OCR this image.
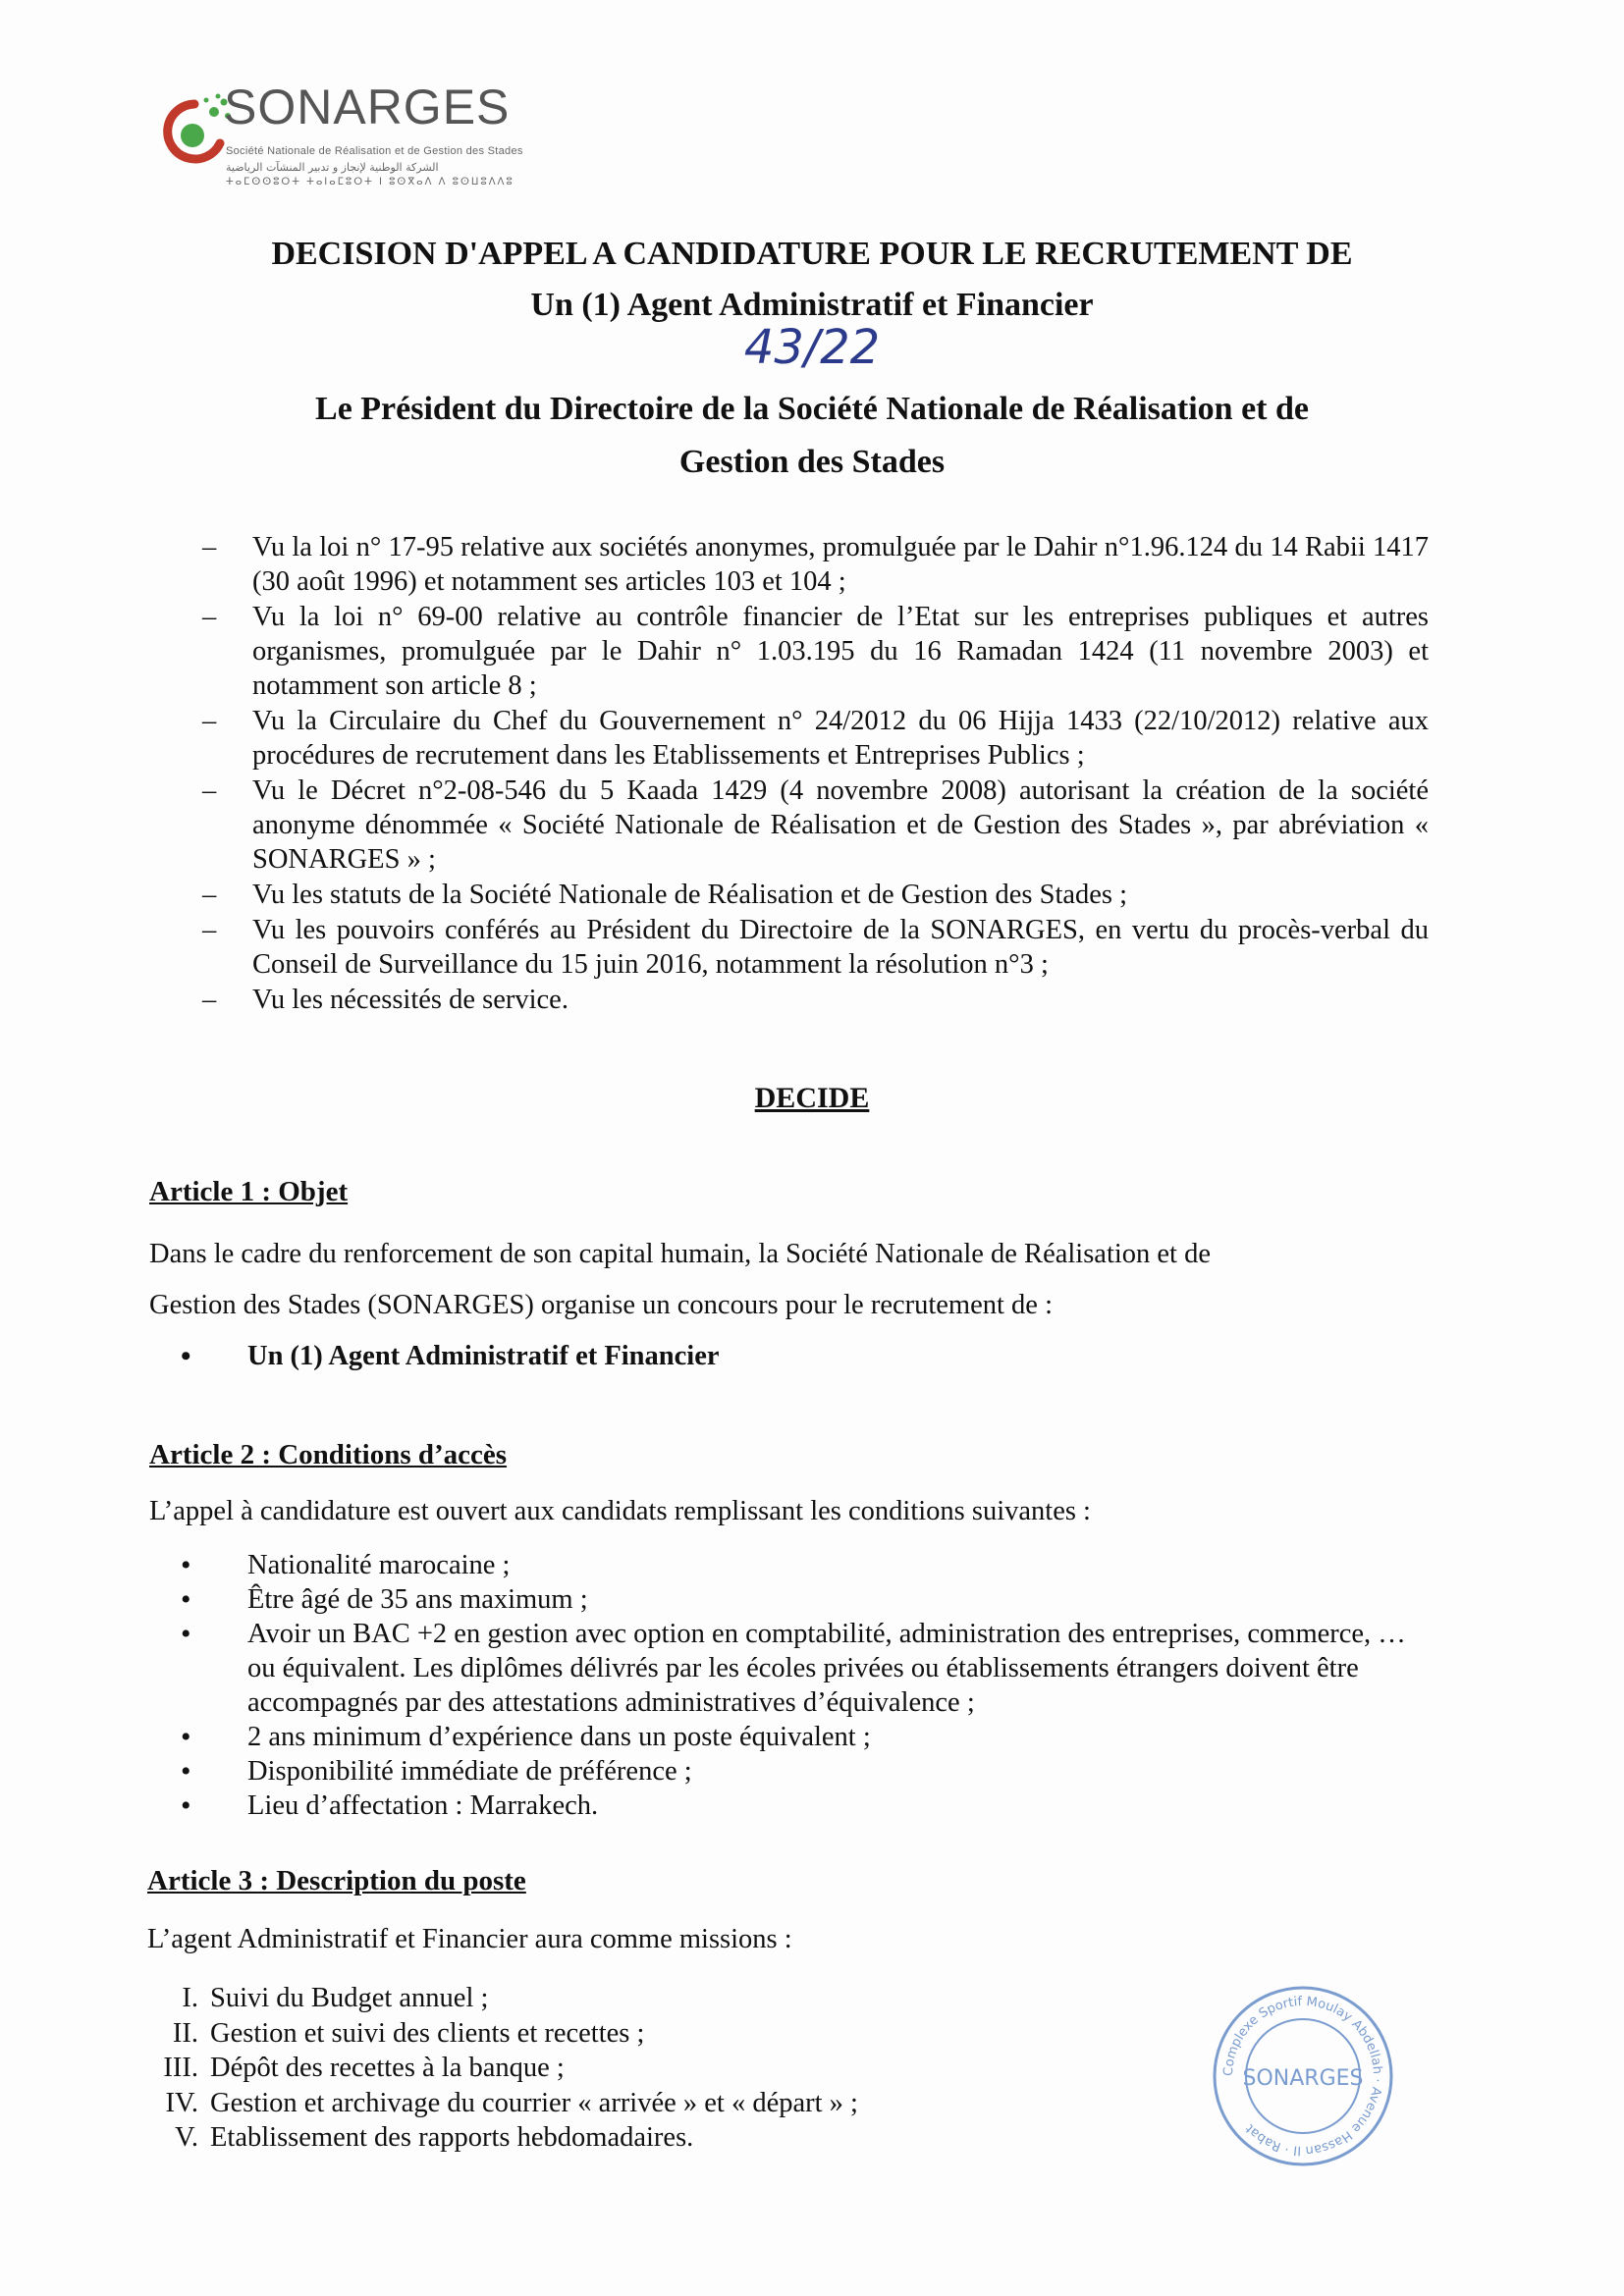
SONARGES
Société Nationale de Réalisation et de Gestion des Stades
الشركة الوطنية لإنجاز و تدبير المنشآت الرياضية
ⵜⴰⵎⵙⵙⵓⵔⵜ ⵜⴰⵏⴰⵎⵓⵔⵜ ⵏ ⵓⵙⴳⴰⴷ ⴷ ⵓⵙⵡⵓⴷⴷⵓ
DECISION D'APPEL A CANDIDATURE POUR LE RECRUTEMENT DE
Un (1) Agent Administratif et Financier
43/22
Le Président du Directoire de la Société Nationale de Réalisation et de
Gestion des Stades
– Vu la loi n° 17-95 relative aux sociétés anonymes, promulguée par le Dahir n°1.96.124 du 14 Rabii 1417 (30 août 1996) et notamment ses articles 103 et 104 ;
– Vu la loi n° 69-00 relative au contrôle financier de l’Etat sur les entreprises publiques et autres organismes, promulguée par le Dahir n° 1.03.195 du 16 Ramadan 1424 (11 novembre 2003) et notamment son article 8 ;
– Vu la Circulaire du Chef du Gouvernement n° 24/2012 du 06 Hijja 1433 (22/10/2012) relative aux procédures de recrutement dans les Etablissements et Entreprises Publics ;
– Vu le Décret n°2-08-546 du 5 Kaada 1429 (4 novembre 2008) autorisant la création de la société anonyme dénommée « Société Nationale de Réalisation et de Gestion des Stades », par abréviation « SONARGES » ;
– Vu les statuts de la Société Nationale de Réalisation et de Gestion des Stades ;
– Vu les pouvoirs conférés au Président du Directoire de la SONARGES, en vertu du procès-verbal du Conseil de Surveillance du 15 juin 2016, notamment la résolution n°3 ;
– Vu les nécessités de service.
DECIDE
Article 1 : Objet
Dans le cadre du renforcement de son capital humain, la Société Nationale de Réalisation et de
Gestion des Stades (SONARGES) organise un concours pour le recrutement de :
• Un (1) Agent Administratif et Financier
Article 2 : Conditions d’accès
L’appel à candidature est ouvert aux candidats remplissant les conditions suivantes :
• Nationalité marocaine ;
• Être âgé de 35 ans maximum ;
• Avoir un BAC +2 en gestion avec option en comptabilité, administration des entreprises, commerce, …ou équivalent. Les diplômes délivrés par les écoles privées ou établissements étrangers doivent être accompagnés par des attestations administratives d’équivalence ;
• 2 ans minimum d’expérience dans un poste équivalent ;
• Disponibilité immédiate de préférence ;
• Lieu d’affectation : Marrakech.
Article 3 : Description du poste
L’agent Administratif et Financier aura comme missions :
I. Suivi du Budget annuel ;
II. Gestion et suivi des clients et recettes ;
III. Dépôt des recettes à la banque ;
IV. Gestion et archivage du courrier « arrivée » et « départ » ;
V. Etablissement des rapports hebdomadaires.
Complexe Sportif Moulay Abdellah · Avenue Hassan II · Rabat
SONARGES
